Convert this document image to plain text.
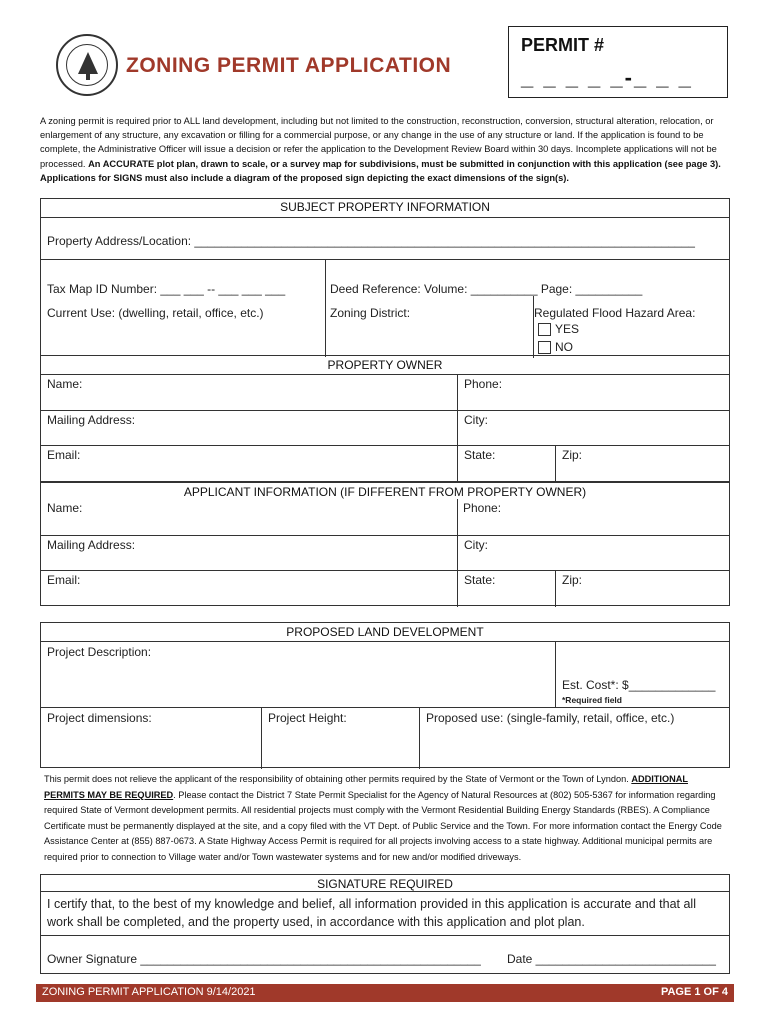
ZONING PERMIT APPLICATION
PERMIT #
_ _ _ _ _-_ _ _
A zoning permit is required prior to ALL land development, including but not limited to the construction, reconstruction, conversion, structural alteration, relocation, or enlargement of any structure, any excavation or filling for a commercial purpose, or any change in the use of any structure or land. If the application is found to be complete, the Administrative Officer will issue a decision or refer the application to the Development Review Board within 30 days. Incomplete applications will not be processed. An ACCURATE plot plan, drawn to scale, or a survey map for subdivisions, must be submitted in conjunction with this application (see page 3). Applications for SIGNS must also include a diagram of the proposed sign depicting the exact dimensions of the sign(s).
SUBJECT PROPERTY INFORMATION
Property Address/Location: ___________________________________________________________________________
Tax Map ID Number: ___ ___ -- ___ ___ ___
Current Use: (dwelling, retail, office, etc.)
Deed Reference: Volume: __________ Page: __________
Zoning District:	Regulated Flood Hazard Area:
YES
NO
PROPERTY OWNER
Name:	Phone:
Mailing Address:	City:
Email:	State:	Zip:
APPLICANT INFORMATION (IF DIFFERENT FROM PROPERTY OWNER)
Name:	Phone:
Mailing Address:	City:
Email:	State:	Zip:
PROPOSED LAND DEVELOPMENT
Project Description:
Est. Cost*: $_____________
*Required field
Project dimensions:	Project Height:	Proposed use: (single-family, retail, office, etc.)
This permit does not relieve the applicant of the responsibility of obtaining other permits required by the State of Vermont or the Town of Lyndon. ADDITIONAL PERMITS MAY BE REQUIRED. Please contact the District 7 State Permit Specialist for the Agency of Natural Resources at (802) 505-5367 for information regarding required State of Vermont development permits. All residential projects must comply with the Vermont Residential Building Energy Standards (RBES). A Compliance Certificate must be permanently displayed at the site, and a copy filed with the VT Dept. of Public Service and the Town. For more information contact the Energy Code Assistance Center at (855) 887-0673. A State Highway Access Permit is required for all projects involving access to a state highway. Additional municipal permits are required prior to connection to Village water and/or Town wastewater systems and for new and/or modified driveways.
SIGNATURE REQUIRED
I certify that, to the best of my knowledge and belief, all information provided in this application is accurate and that all work shall be completed, and the property used, in accordance with this application and plot plan.
Owner Signature ___________________________________________________ Date ___________________________
ZONING PERMIT APPLICATION 9/14/2021	PAGE 1 OF 4
